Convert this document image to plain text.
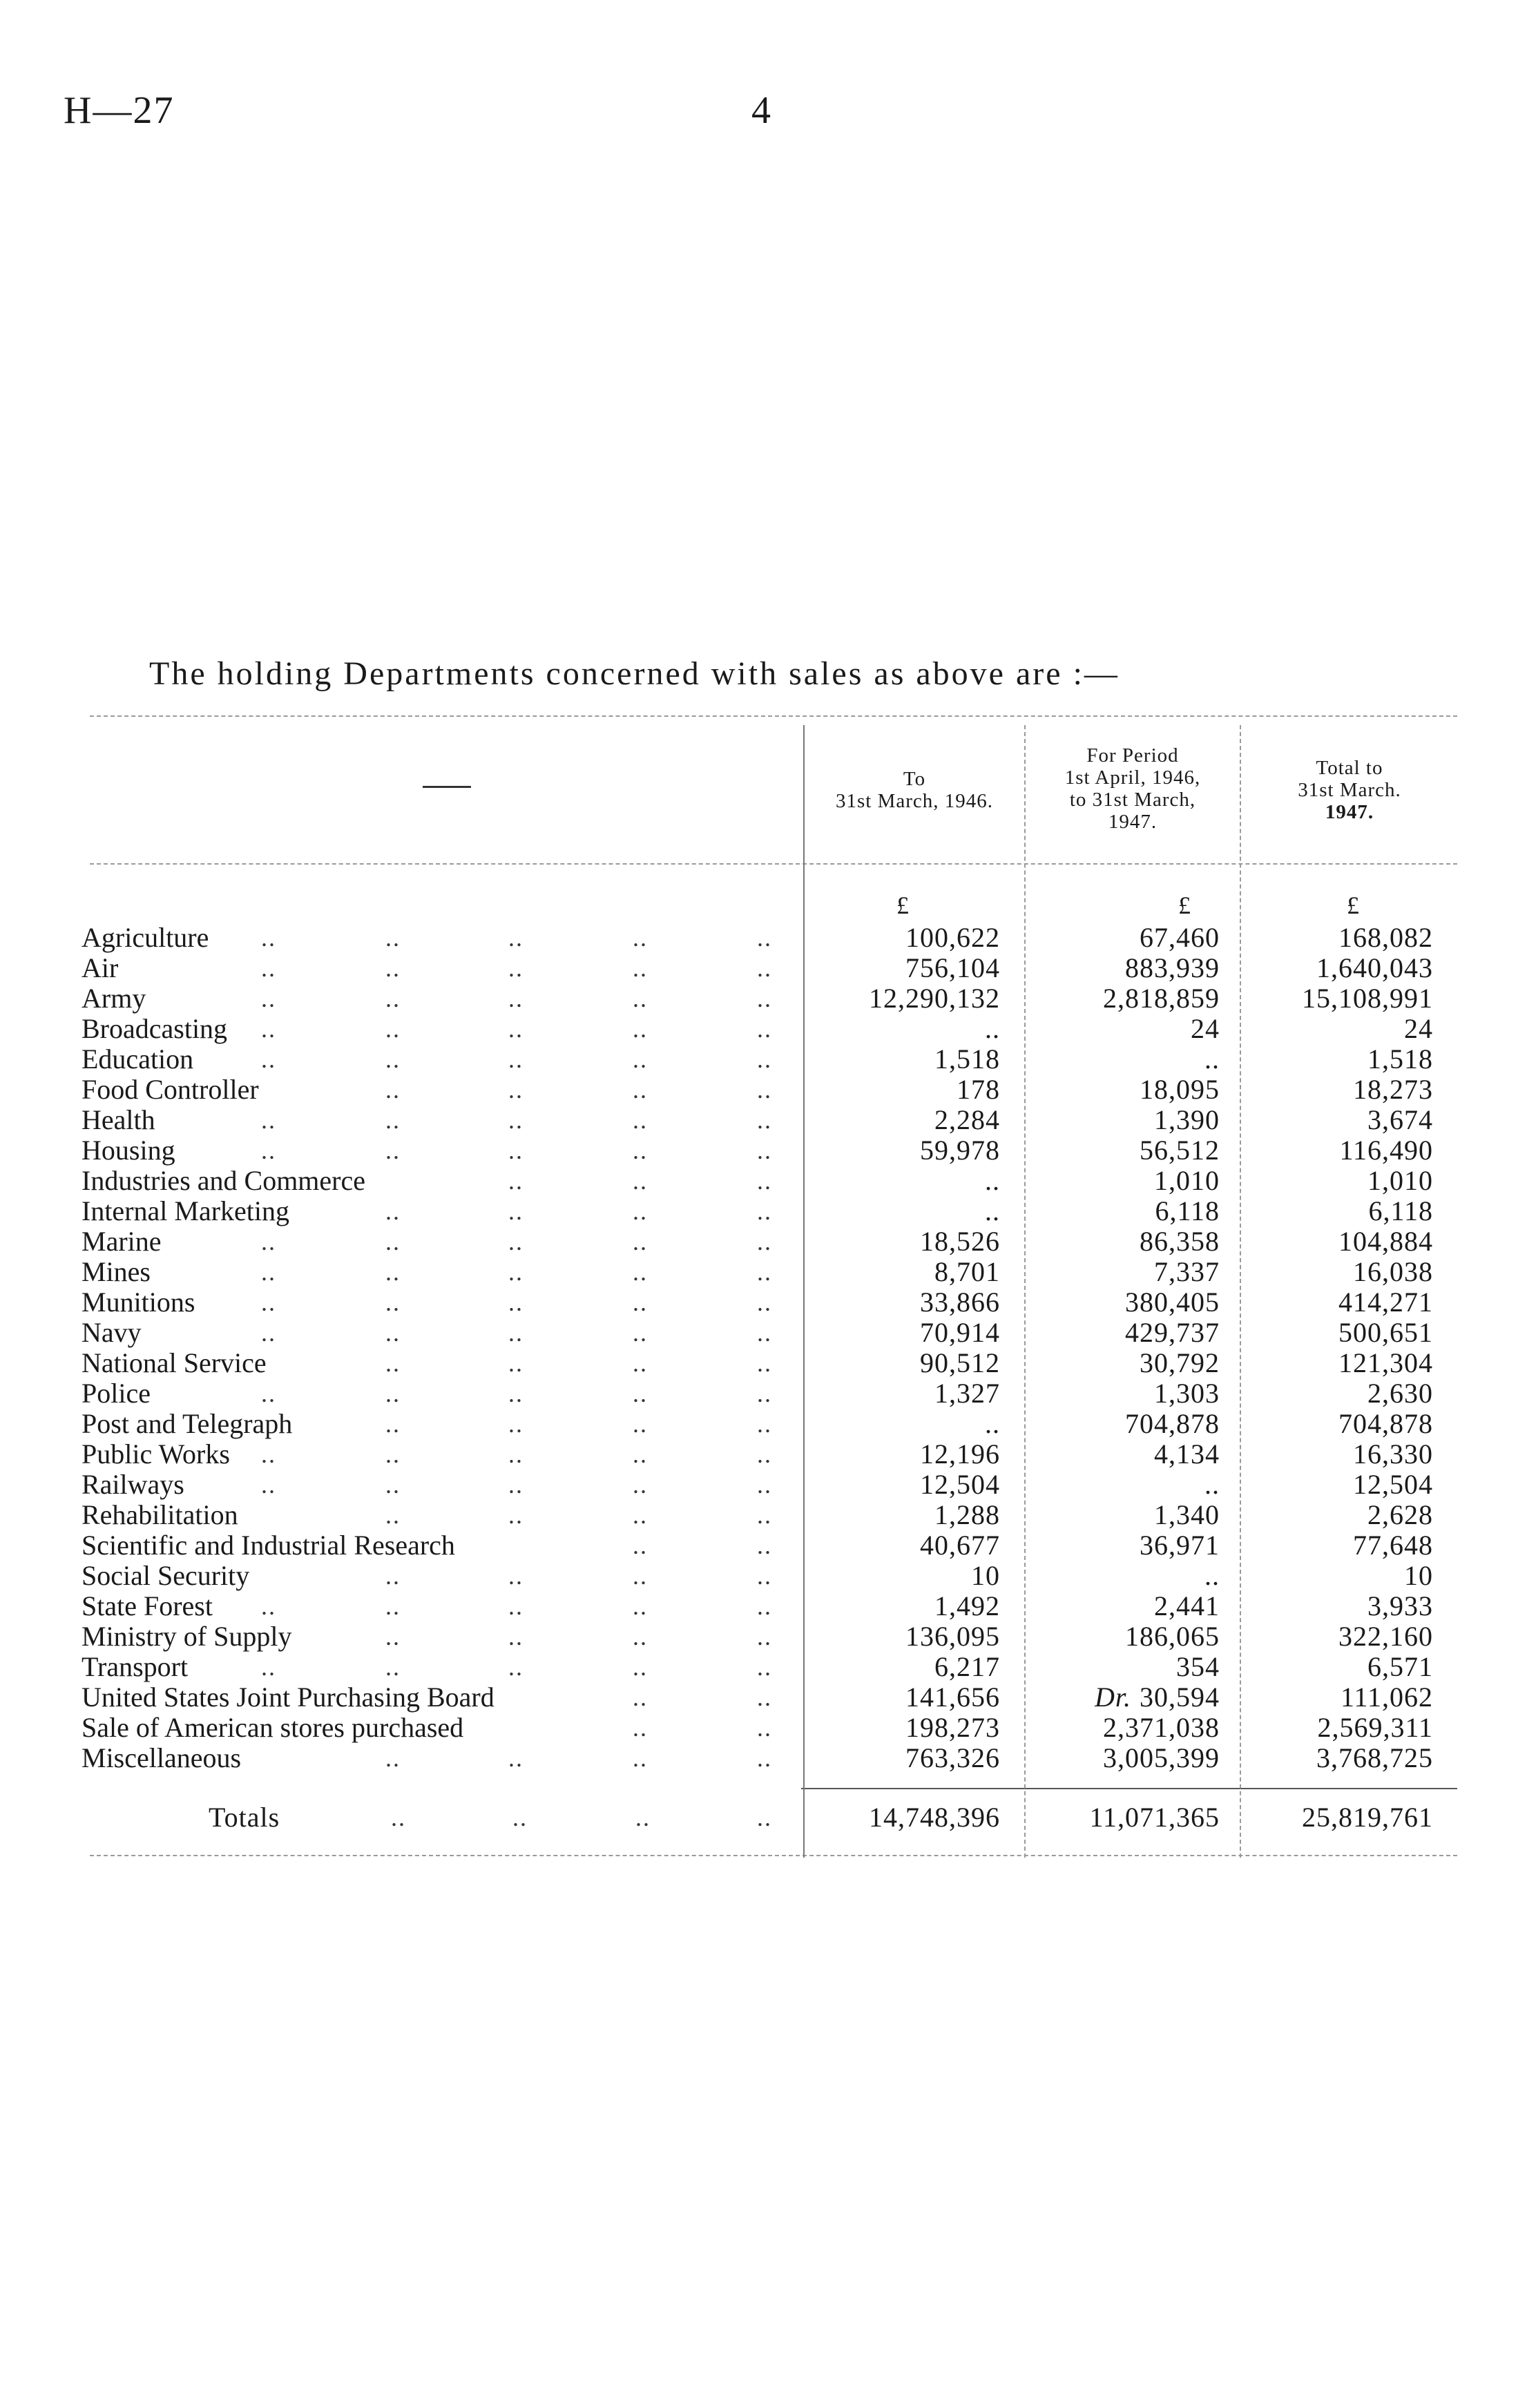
H—27	4
The holding Departments concerned with sales as above are :—
To
31st March, 1946.
For Period
1st April, 1946,
to 31st March,
1947.
Total to
31st March.
1947.
£	£	£
Agriculture ..	..	..	..	..	100,622	67,460	168,082
Air	..	..	..	..	..	756,104	883,939	1,640,043
Army	..	..	..	..	..	12,290,132	2,818,859	15,108,991
Broadcasting ..	..	..	..	..	..	24	24
Education	..	..	..	..	..	1,518	..	1,518
Food Controller	..	..	..	..	178	18,095	18,273
Health	..	..	..	..	..	2,284	1,390	3,674
Housing	..	..	..	..	..	59,978	56,512	116,490
Industries and Commerce	..	..	..	..	1,010	1,010
Internal Marketing	..	..	..	..	..	6,118	6,118
Marine	..	..	..	..	..	18,526	86,358	104,884
Mines	..	..	..	..	..	8,701	7,337	16,038
Munitions	..	..	..	..	..	33,866	380,405	414,271
Navy	..	..	..	..	..	70,914	429,737	500,651
National Service	..	..	..	..	90,512	30,792	121,304
Police	..	..	..	..	..	1,327	1,303	2,630
Post and Telegraph	..	..	..	..	..	704,878	704,878
Public Works ..	..	..	..	..	12,196	4,134	16,330
Railways	..	..	..	..	..	12,504	..	12,504
Rehabilitation	..	..	..	..	1,288	1,340	2,628
Scientific and Industrial Research	..	..	40,677	36,971	77,648
Social Security	..	..	..	..	10	..	10
State Forest ..	..	..	..	..	1,492	2,441	3,933
Ministry of Supply	..	..	..	..	136,095	186,065	322,160
Transport	..	..	..	..	..	6,217	354	6,571
United States Joint Purchasing Board	..	..	141,656	Dr. 30,594	111,062
Sale of American stores purchased	..	..	198,273	2,371,038	2,569,311
Miscellaneous	..	..	..	..	763,326	3,005,399	3,768,725
Totals	..	..	..	..	14,748,396	11,071,365	25,819,761
